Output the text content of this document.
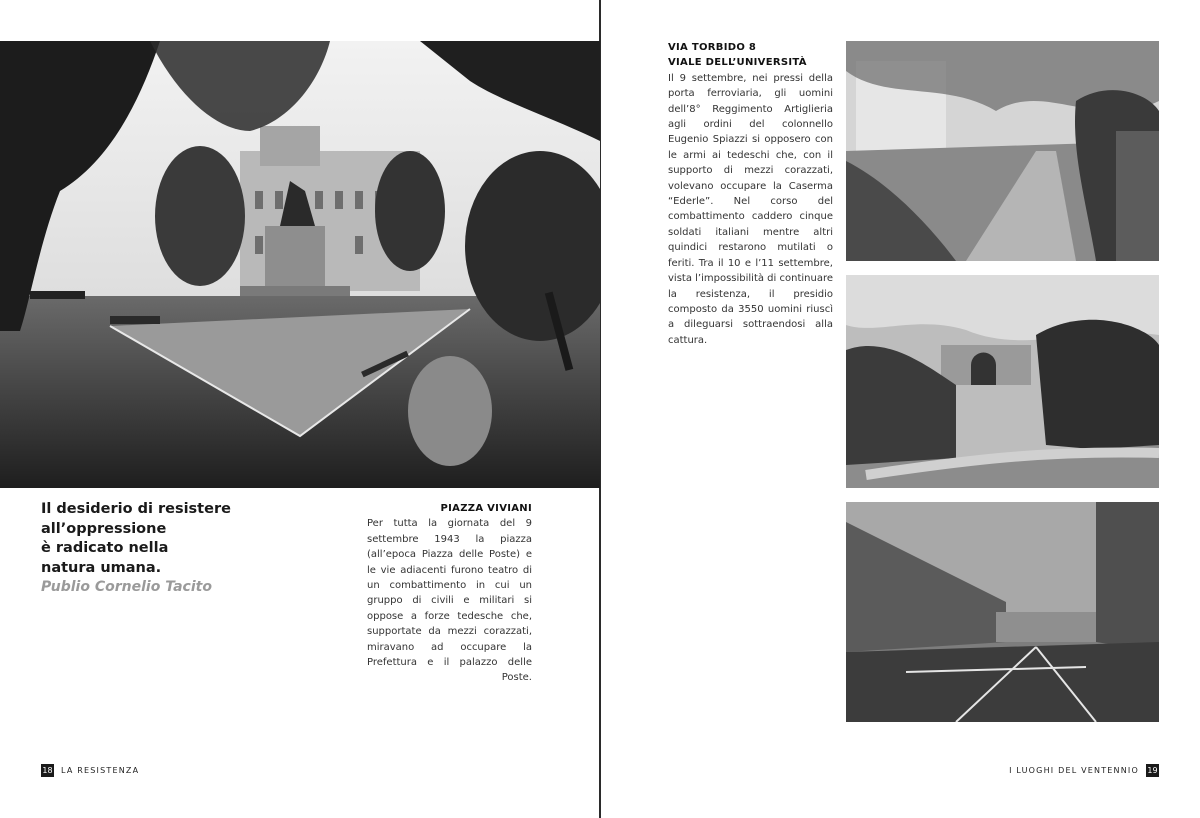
Il desiderio di resistere
all’oppressione
è radicato nella
natura umana.
Publio Cornelio Tacito
PIAZZA VIVIANI
Per tutta la giornata del 9 settembre 1943 la piazza (all’epoca Piazza delle Poste) e le vie adiacenti furono teatro di un combattimento in cui un gruppo di civili e militari si oppose a forze tedesche che, supportate da mezzi corazzati, miravano ad occupare la Prefettura e il palazzo delle Poste.
VIA TORBIDO 8
VIALE DELL’UNIVERSITÀ
Il 9 settembre, nei pressi della porta ferroviaria, gli uomini dell’8° Reggimento Artiglieria agli ordini del colonnello Eugenio Spiazzi si opposero con le armi ai tedeschi che, con il supporto di mezzi corazzati, volevano occupare la Caserma “Ederle”. Nel corso del combattimento caddero cinque soldati italiani mentre altri quindici restarono mutilati o feriti. Tra il 10 e l’11 settembre, vista l’impossibilità di continuare la resistenza, il presidio composto da 3550 uomini riuscì a dileguarsi sottraendosi alla cattura.
18 LA RESISTENZA	I LUOGHI DEL VENTENNIO 19
